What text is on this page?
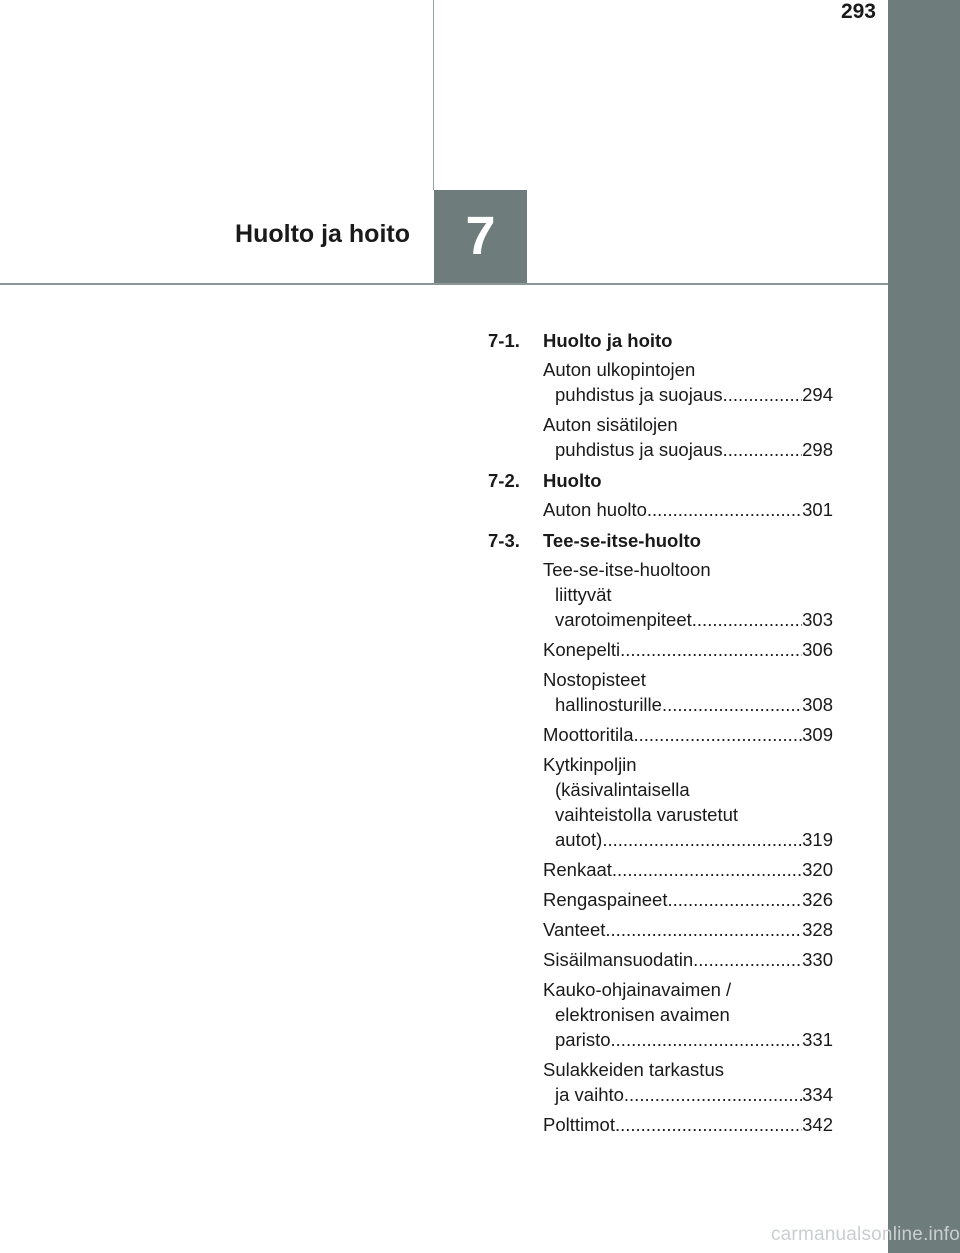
293
7
Huolto ja hoito
7-1.	Huolto ja hoito
Auton ulkopintojen
puhdistus ja suojaus .....	294
Auton sisätilojen
puhdistus ja suojaus .....	298
7-2.	Huolto
Auton huolto .....	301
7-3.	Tee-se-itse-huolto
Tee-se-itse-huoltoon
liittyvät
varotoimenpiteet .....	303
Konepelti .....	306
Nostopisteet
hallinosturille .....	308
Moottoritila .....	309
Kytkinpoljin
(käsivalintaisella
vaihteistolla varustetut
autot) .....	319
Renkaat .....	320
Rengaspaineet .....	326
Vanteet .....	328
Sisäilmansuodatin .....	330
Kauko-ohjainavaimen /
elektronisen avaimen
paristo .....	331
Sulakkeiden tarkastus
ja vaihto .....	334
Polttimot .....	342
carmanualsonline.info
